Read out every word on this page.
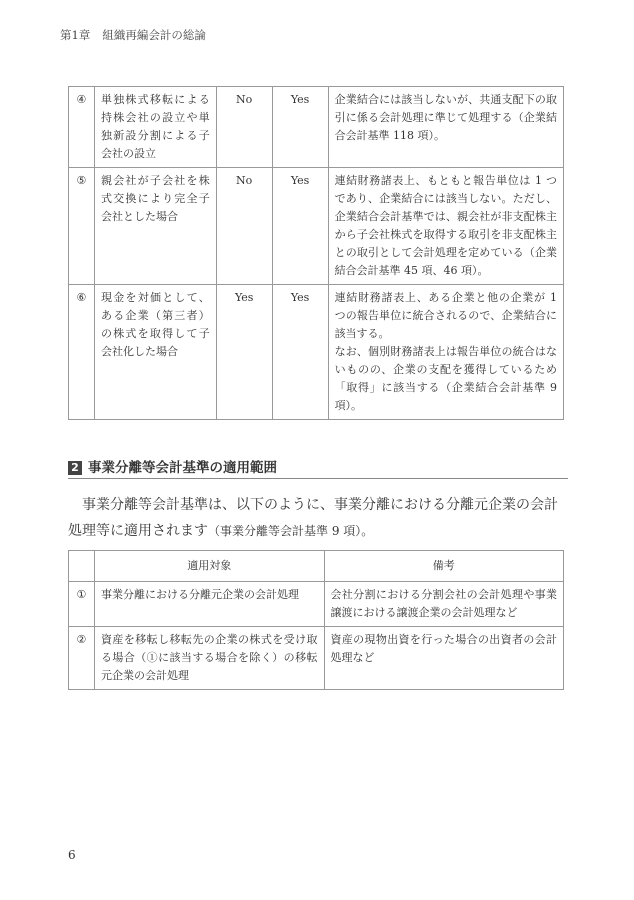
第1章 組織再編会計の総論
④	単独株式移転による持株会社の設立や単独新設分割による子会社の設立	No	Yes	企業結合には該当しないが、共通支配下の取引に係る会計処理に準じて処理する（企業結合会計基準 118 項）。
⑤	親会社が子会社を株式交換により完全子会社とした場合	No	Yes	連結財務諸表上、もともと報告単位は 1 つであり、企業結合には該当しない。ただし、企業結合会計基準では、親会社が非支配株主から子会社株式を取得する取引を非支配株主との取引として会計処理を定めている（企業結合会計基準 45 項、46 項）。
⑥	現金を対価として、ある企業（第三者）の株式を取得して子会社化した場合	Yes	Yes	連結財務諸表上、ある企業と他の企業が 1 つの報告単位に統合されるので、企業結合に該当する。
なお、個別財務諸表上は報告単位の統合はないものの、企業の支配を獲得しているため「取得」に該当する（企業結合会計基準 9 項）。
2 事業分離等会計基準の適用範囲
事業分離等会計基準は、以下のように、事業分離における分離元企業の会計処理等に適用されます（事業分離等会計基準 9 項）。
	適用対象	備考
①	事業分離における分離元企業の会計処理	会社分割における分割会社の会計処理や事業譲渡における譲渡企業の会計処理など
②	資産を移転し移転先の企業の株式を受け取る場合（①に該当する場合を除く）の移転元企業の会計処理	資産の現物出資を行った場合の出資者の会計処理など
6
